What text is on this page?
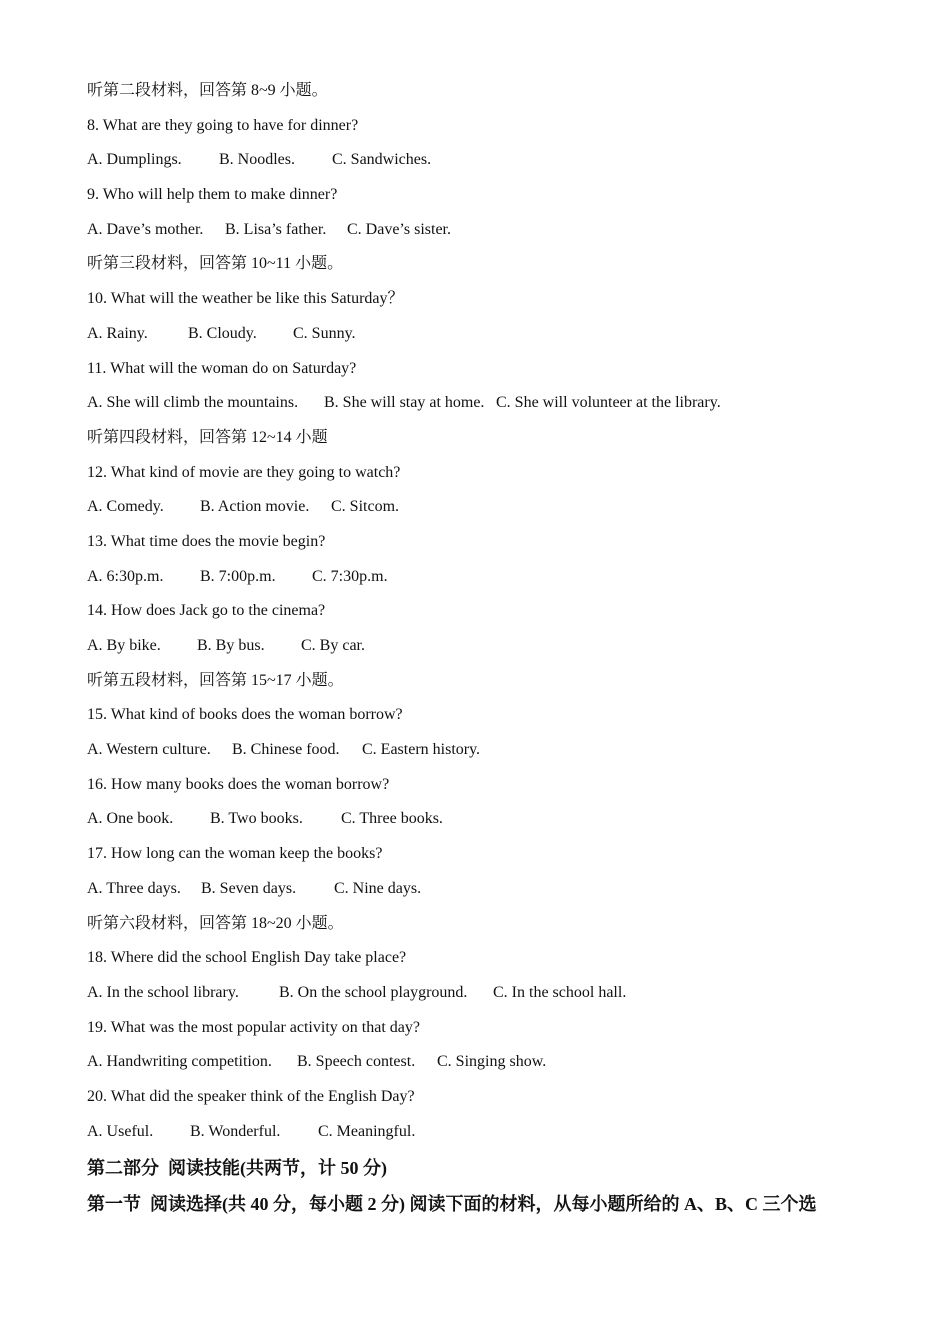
听第二段材料，回答第 8~9 小题。
8. What are they going to have for dinner?
A. Dumplings. B. Noodles. C. Sandwiches.
9. Who will help them to make dinner?
A. Dave’s mother. B. Lisa’s father. C. Dave’s sister.
听第三段材料，回答第 10~11 小题。
10. What will the weather be like this Saturday？
A. Rainy.	B. Cloudy. C. Sunny.
11. What will the woman do on Saturday?
A. She will climb the mountains. B. She will stay at home. C. She will volunteer at the library.
听第四段材料，回答第 12~14 小题
12. What kind of movie are they going to watch?
A. Comedy. B. Action movie. C. Sitcom.
13. What time does the movie begin?
A. 6:30p.m. B. 7:00p.m. C. 7:30p.m.
14. How does Jack go to the cinema?
A. By bike. B. By bus. C. By car.
听第五段材料，回答第 15~17 小题。
15. What kind of books does the woman borrow?
A. Western culture. B. Chinese food. C. Eastern history.
16. How many books does the woman borrow?
A. One book. B. Two books. C. Three books.
17. How long can the woman keep the books?
A. Three days. B. Seven days. C. Nine days.
听第六段材料，回答第 18~20 小题。
18. Where did the school English Day take place?
A. In the school library.	B. On the school playground. C. In the school hall.
19. What was the most popular activity on that day?
A. Handwriting competition. B. Speech contest. C. Singing show.
20. What did the speaker think of the English Day?
A. Useful. B. Wonderful. C. Meaningful.
第二部分  阅读技能(共两节，计 50 分)
第一节  阅读选择(共 40 分，每小题 2 分) 阅读下面的材料，从每小题所给的 A、B、C 三个选
